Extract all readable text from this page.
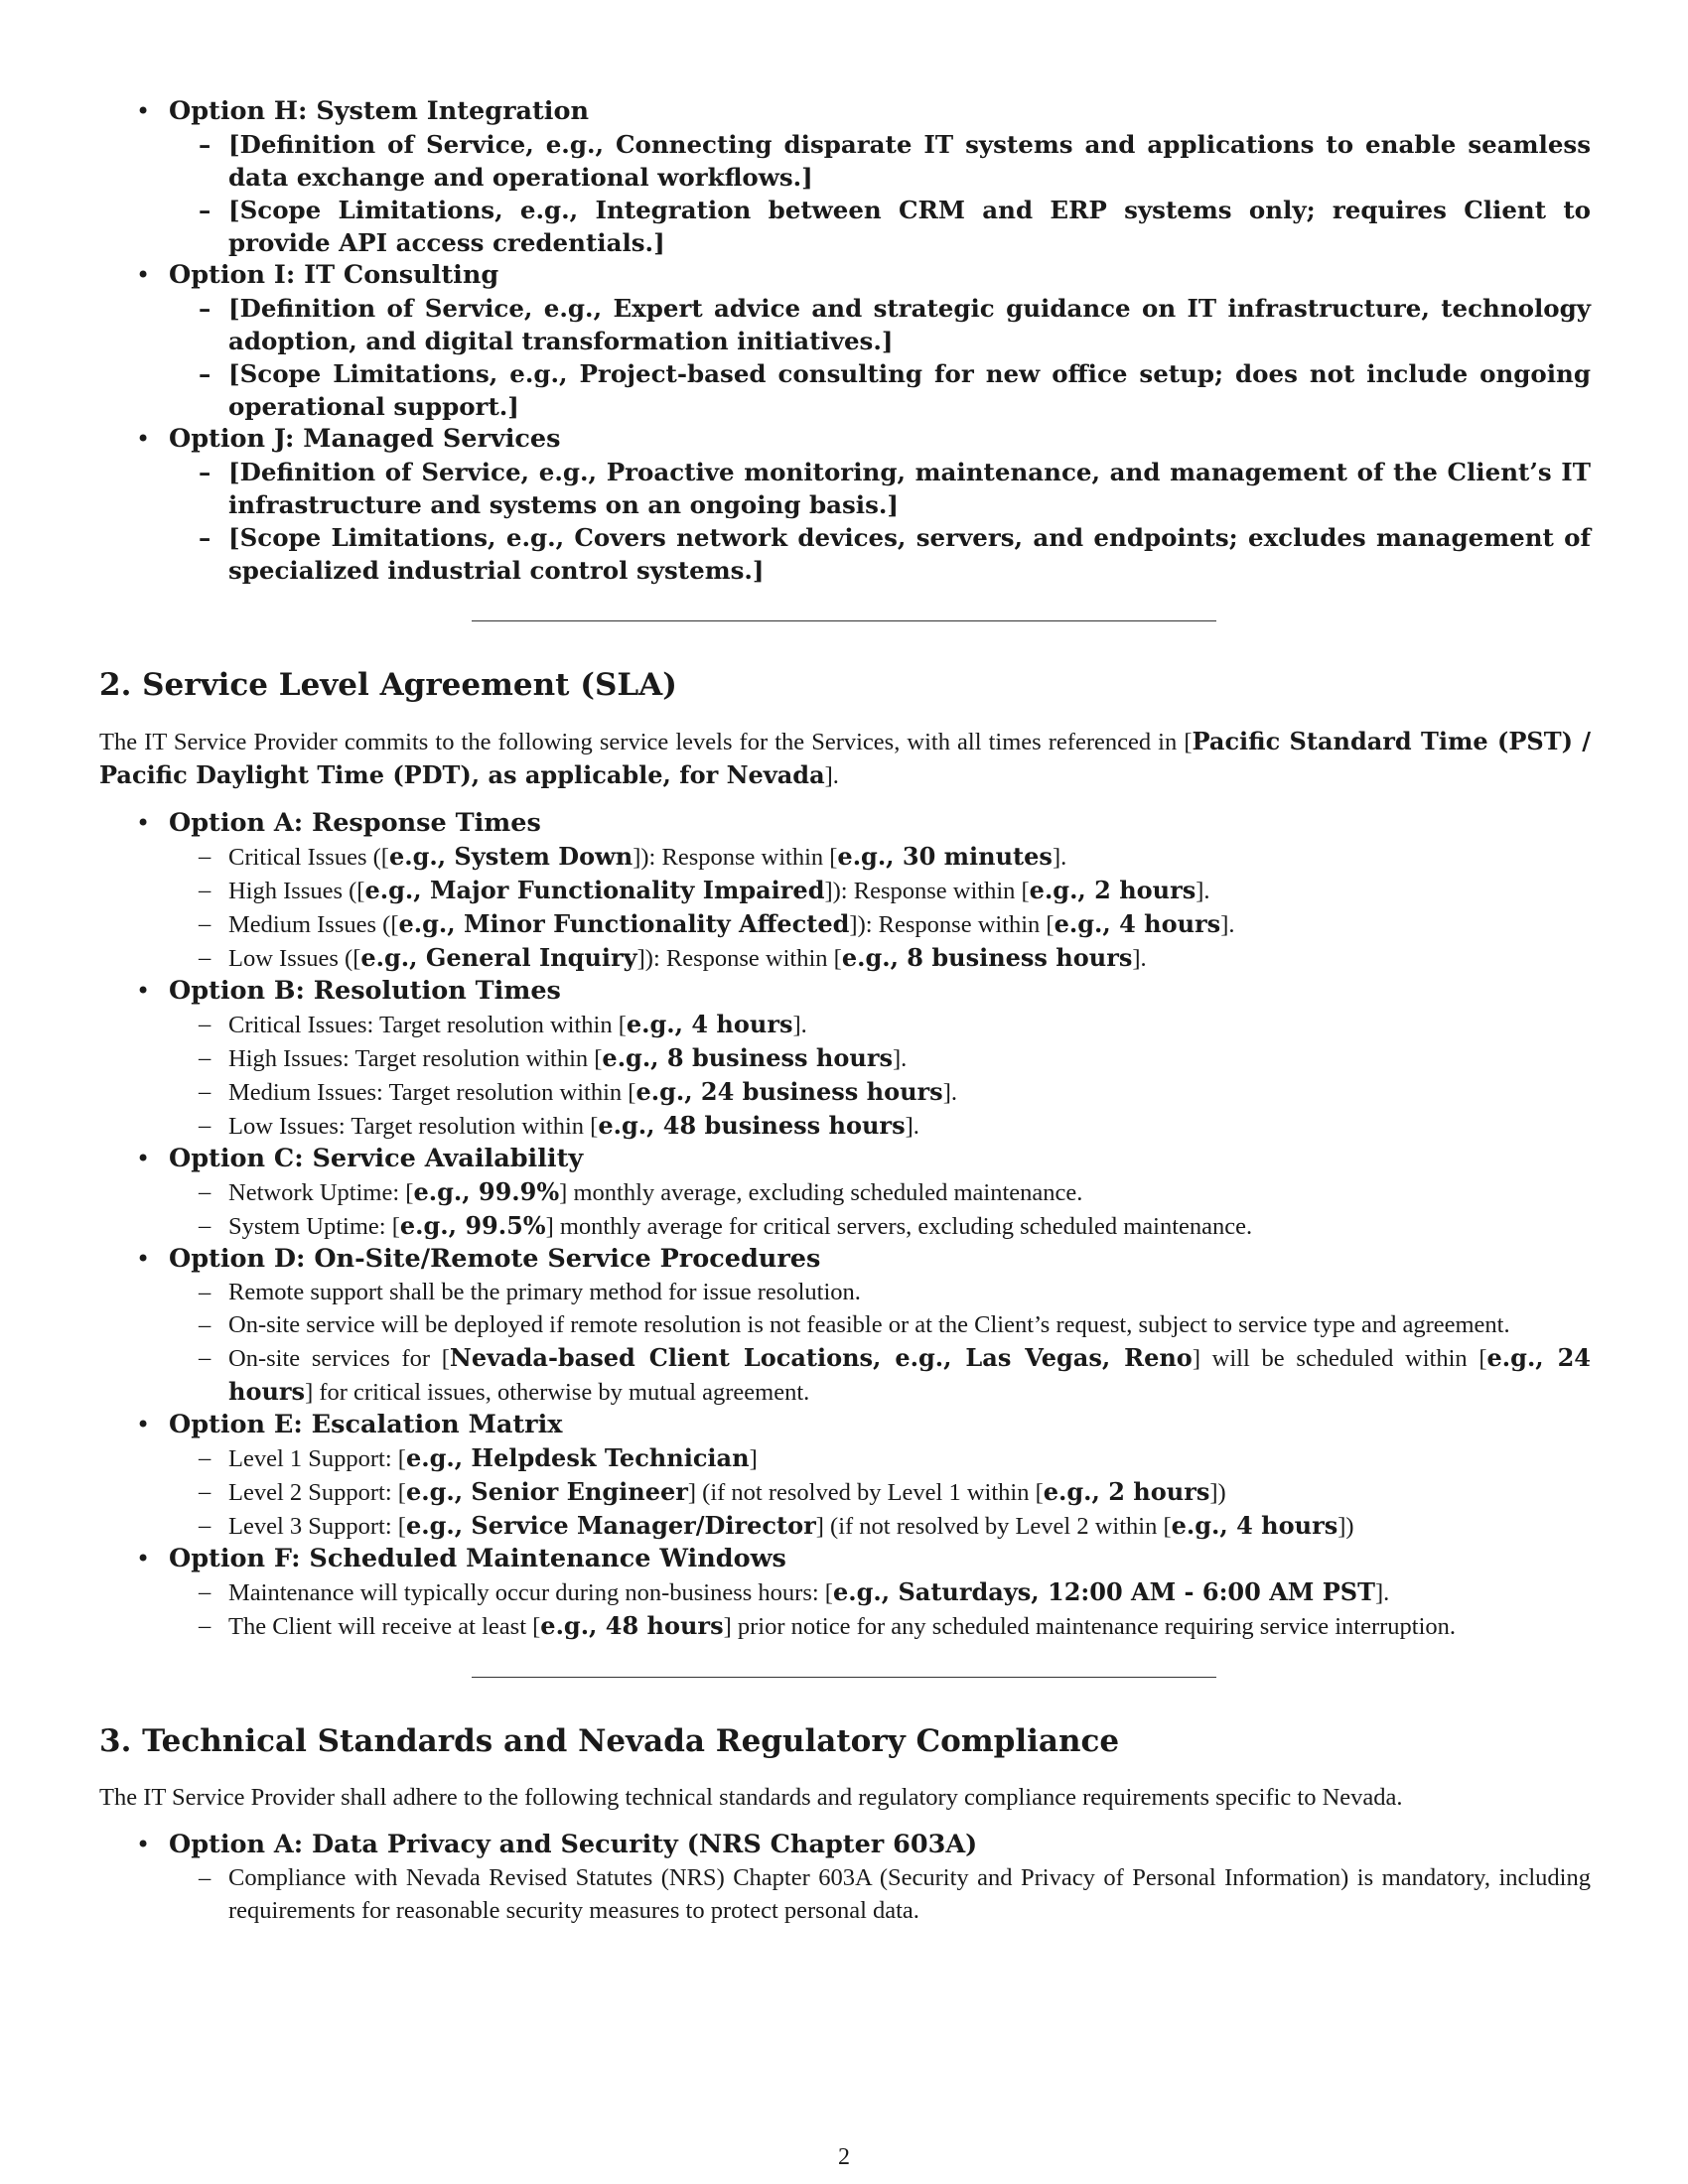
• Option H: System Integration
– [Definition of Service, e.g., Connecting disparate IT systems and applications to enable seamless data exchange and operational workflows.]
– [Scope Limitations, e.g., Integration between CRM and ERP systems only; requires Client to provide API access credentials.]
• Option I: IT Consulting
– [Definition of Service, e.g., Expert advice and strategic guidance on IT infrastructure, technology adoption, and digital transformation initiatives.]
– [Scope Limitations, e.g., Project-based consulting for new office setup; does not include ongoing operational support.]
• Option J: Managed Services
– [Definition of Service, e.g., Proactive monitoring, maintenance, and management of the Client’s IT infrastructure and systems on an ongoing basis.]
– [Scope Limitations, e.g., Covers network devices, servers, and endpoints; excludes management of specialized industrial control systems.]
2. Service Level Agreement (SLA)
The IT Service Provider commits to the following service levels for the Services, with all times referenced in [Pacific Standard Time (PST) / Pacific Daylight Time (PDT), as applicable, for Nevada].
• Option A: Response Times
– Critical Issues ([e.g., System Down]): Response within [e.g., 30 minutes].
– High Issues ([e.g., Major Functionality Impaired]): Response within [e.g., 2 hours].
– Medium Issues ([e.g., Minor Functionality Affected]): Response within [e.g., 4 hours].
– Low Issues ([e.g., General Inquiry]): Response within [e.g., 8 business hours].
• Option B: Resolution Times
– Critical Issues: Target resolution within [e.g., 4 hours].
– High Issues: Target resolution within [e.g., 8 business hours].
– Medium Issues: Target resolution within [e.g., 24 business hours].
– Low Issues: Target resolution within [e.g., 48 business hours].
• Option C: Service Availability
– Network Uptime: [e.g., 99.9%] monthly average, excluding scheduled maintenance.
– System Uptime: [e.g., 99.5%] monthly average for critical servers, excluding scheduled maintenance.
• Option D: On-Site/Remote Service Procedures
– Remote support shall be the primary method for issue resolution.
– On-site service will be deployed if remote resolution is not feasible or at the Client’s request, subject to service type and agreement.
– On-site services for [Nevada-based Client Locations, e.g., Las Vegas, Reno] will be scheduled within [e.g., 24 hours] for critical issues, otherwise by mutual agreement.
• Option E: Escalation Matrix
– Level 1 Support: [e.g., Helpdesk Technician]
– Level 2 Support: [e.g., Senior Engineer] (if not resolved by Level 1 within [e.g., 2 hours])
– Level 3 Support: [e.g., Service Manager/Director] (if not resolved by Level 2 within [e.g., 4 hours])
• Option F: Scheduled Maintenance Windows
– Maintenance will typically occur during non-business hours: [e.g., Saturdays, 12:00 AM - 6:00 AM PST].
– The Client will receive at least [e.g., 48 hours] prior notice for any scheduled maintenance requiring service interruption.
3. Technical Standards and Nevada Regulatory Compliance
The IT Service Provider shall adhere to the following technical standards and regulatory compliance requirements specific to Nevada.
• Option A: Data Privacy and Security (NRS Chapter 603A)
– Compliance with Nevada Revised Statutes (NRS) Chapter 603A (Security and Privacy of Personal Information) is mandatory, including requirements for reasonable security measures to protect personal data.
2
